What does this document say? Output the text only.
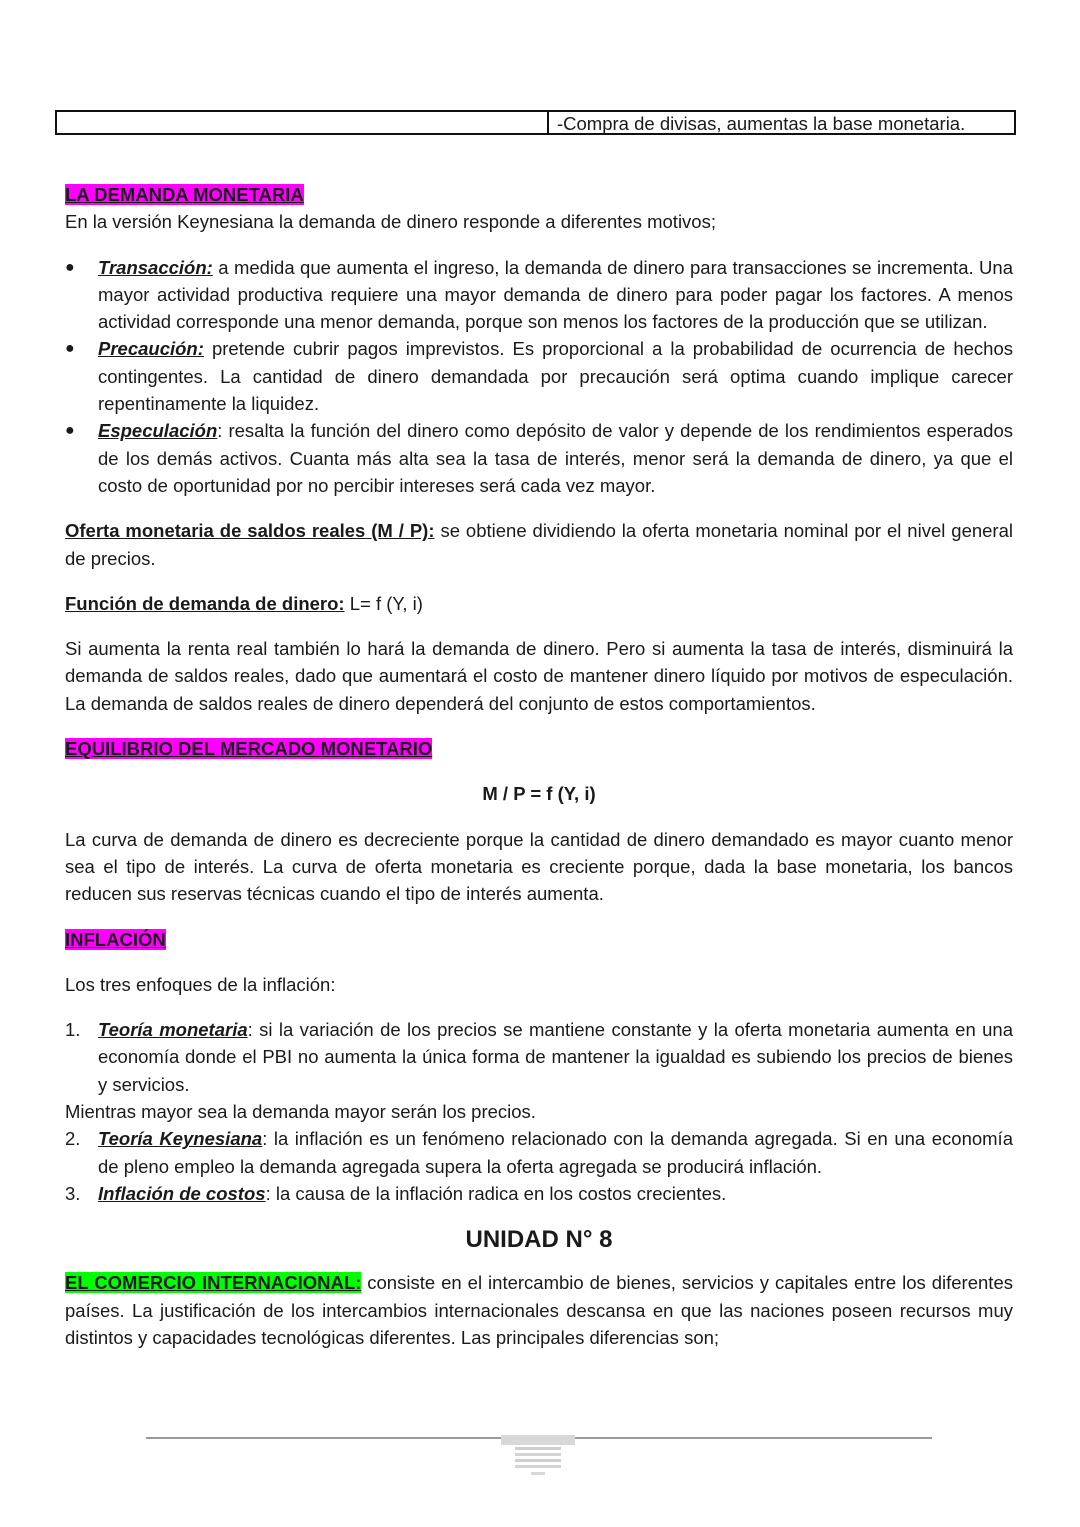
-Compra de divisas, aumentas la base monetaria.

LA DEMANDA MONETARIA

En la versión Keynesiana la demanda de dinero responde a diferentes motivos;

● Transacción: a medida que aumenta el ingreso, la demanda de dinero para transacciones se incrementa. Una mayor actividad productiva requiere una mayor demanda de dinero para poder pagar los factores. A menos actividad corresponde una menor demanda, porque son menos los factores de la producción que se utilizan.
● Precaución: pretende cubrir pagos imprevistos. Es proporcional a la probabilidad de ocurrencia de hechos contingentes. La cantidad de dinero demandada por precaución será optima cuando implique carecer repentinamente la liquidez.
● Especulación: resalta la función del dinero como depósito de valor y depende de los rendimientos esperados de los demás activos. Cuanta más alta sea la tasa de interés, menor será la demanda de dinero, ya que el costo de oportunidad por no percibir intereses será cada vez mayor.

Oferta monetaria de saldos reales (M / P): se obtiene dividiendo la oferta monetaria nominal por el nivel general de precios.

Función de demanda de dinero: L= f (Y, i)

Si aumenta la renta real también lo hará la demanda de dinero. Pero si aumenta la tasa de interés, disminuirá la demanda de saldos reales, dado que aumentará el costo de mantener dinero líquido por motivos de especulación. La demanda de saldos reales de dinero dependerá del conjunto de estos comportamientos.

EQUILIBRIO DEL MERCADO MONETARIO

M / P = f (Y, i)

La curva de demanda de dinero es decreciente porque la cantidad de dinero demandado es mayor cuanto menor sea el tipo de interés. La curva de oferta monetaria es creciente porque, dada la base monetaria, los bancos reducen sus reservas técnicas cuando el tipo de interés aumenta.

INFLACIÓN

Los tres enfoques de la inflación:

1. Teoría monetaria: si la variación de los precios se mantiene constante y la oferta monetaria aumenta en una economía donde el PBI no aumenta la única forma de mantener la igualdad es subiendo los precios de bienes y servicios.

Mientras mayor sea la demanda mayor serán los precios.

2. Teoría Keynesiana: la inflación es un fenómeno relacionado con la demanda agregada. Si en una economía de pleno empleo la demanda agregada supera la oferta agregada se producirá inflación.
3. Inflación de costos: la causa de la inflación radica en los costos crecientes.
UNIDAD N° 8

EL COMERCIO INTERNACIONAL: consiste en el intercambio de bienes, servicios y capitales entre los diferentes países. La justificación de los intercambios internacionales descansa en que las naciones poseen recursos muy distintos y capacidades tecnológicas diferentes. Las principales diferencias son;
